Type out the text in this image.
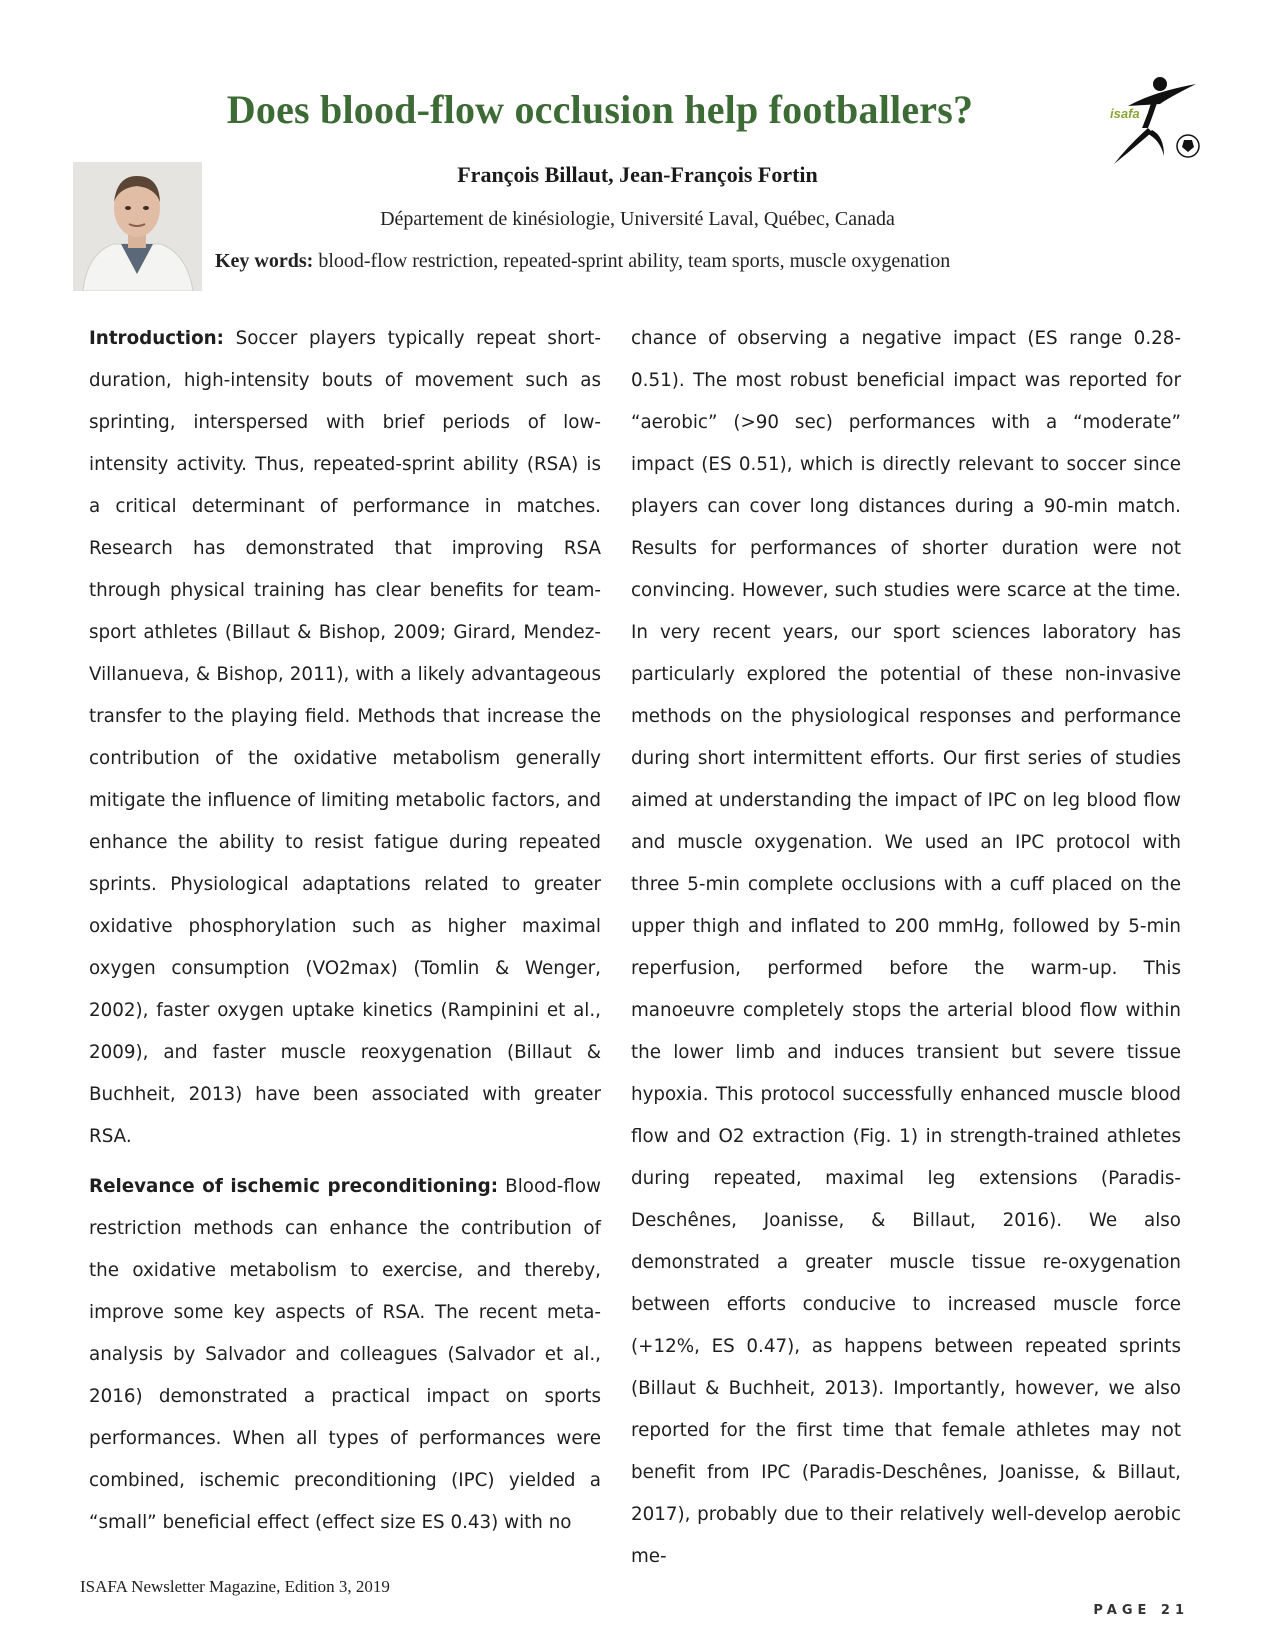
Does blood-flow occlusion help footballers?	isafa
François Billaut, Jean-François Fortin
Département de kinésiologie, Université Laval, Québec, Canada
Key words: blood-flow restriction, repeated-sprint ability, team sports, muscle oxygenation

Introduction: Soccer players typically repeat short-duration, high-intensity bouts of movement such as sprinting, interspersed with brief periods of low-intensity activity. Thus, repeated-sprint ability (RSA) is a critical determinant of performance in matches. Research has demonstrated that improving RSA through physical training has clear benefits for team-sport athletes (Billaut & Bishop, 2009; Girard, Mendez-Villanueva, & Bishop, 2011), with a likely advantageous transfer to the playing field. Methods that increase the contribution of the oxidative metabolism generally mitigate the influence of limiting metabolic factors, and enhance the ability to resist fatigue during repeated sprints. Physiological adaptations related to greater oxidative phosphorylation such as higher maximal oxygen consumption (VO2max) (Tomlin & Wenger, 2002), faster oxygen uptake kinetics (Rampinini et al., 2009), and faster muscle reoxygenation (Billaut & Buchheit, 2013) have been associated with greater RSA.

Relevance of ischemic preconditioning: Blood-flow restriction methods can enhance the contribution of the oxidative metabolism to exercise, and thereby, improve some key aspects of RSA. The recent meta-analysis by Salvador and colleagues (Salvador et al., 2016) demonstrated a practical impact on sports performances. When all types of performances were combined, ischemic preconditioning (IPC) yielded a “small” beneficial effect (effect size ES 0.43) with no

chance of observing a negative impact (ES range 0.28-0.51). The most robust beneficial impact was reported for “aerobic” (>90 sec) performances with a “moderate” impact (ES 0.51), which is directly relevant to soccer since players can cover long distances during a 90-min match. Results for performances of shorter duration were not convincing. However, such studies were scarce at the time. In very recent years, our sport sciences laboratory has particularly explored the potential of these non-invasive methods on the physiological responses and performance during short intermittent efforts. Our first series of studies aimed at understanding the impact of IPC on leg blood flow and muscle oxygenation. We used an IPC protocol with three 5-min complete occlusions with a cuff placed on the upper thigh and inflated to 200 mmHg, followed by 5-min reperfusion, performed before the warm-up. This manoeuvre completely stops the arterial blood flow within the lower limb and induces transient but severe tissue hypoxia. This protocol successfully enhanced muscle blood flow and O2 extraction (Fig. 1) in strength-trained athletes during repeated, maximal leg extensions (Paradis-Deschênes, Joanisse, & Billaut, 2016). We also demonstrated a greater muscle tissue re-oxygenation between efforts conducive to increased muscle force (+12%, ES 0.47), as happens between repeated sprints (Billaut & Buchheit, 2013). Importantly, however, we also reported for the first time that female athletes may not benefit from IPC (Paradis-Deschênes, Joanisse, & Billaut, 2017), probably due to their relatively well-develop aerobic me-

ISAFA Newsletter Magazine, Edition 3, 2019
PAGE 21
